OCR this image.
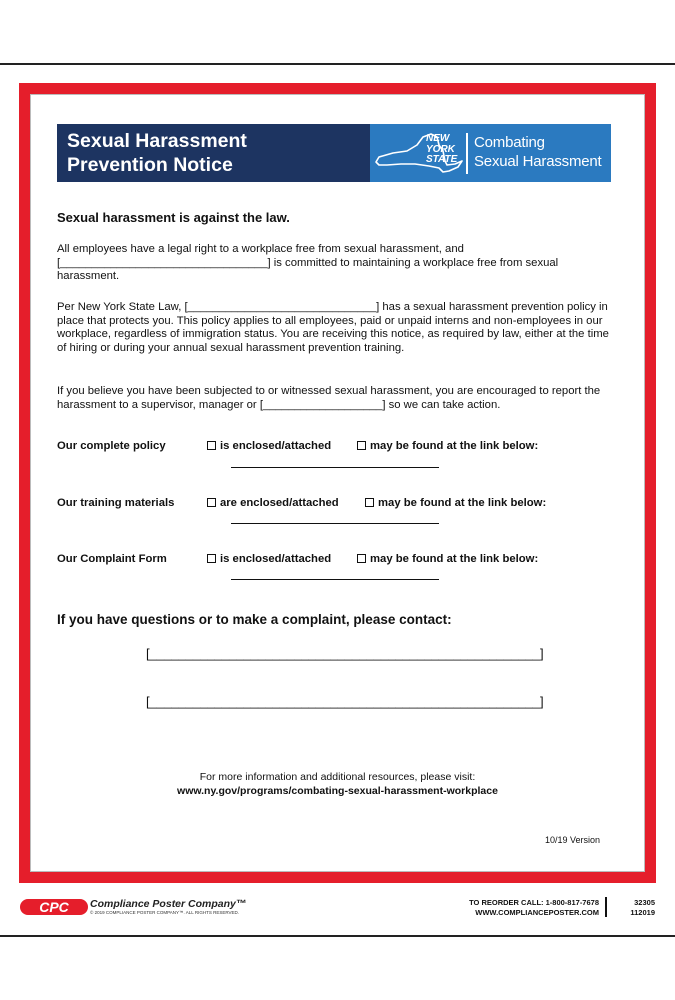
Sexual Harassment
Prevention Notice
NEW
YORK
STATE
Combating
Sexual Harassment
Sexual harassment is against the law.

All employees have a legal right to a workplace free from sexual harassment, and [_________________________________] is committed to maintaining a workplace free from sexual harassment.

Per New York State Law, [______________________________] has a sexual harassment prevention policy in place that protects you. This policy applies to all employees, paid or unpaid interns and non-employees in our workplace, regardless of immigration status. You are receiving this notice, as required by law, either at the time of hiring or during your annual sexual harassment prevention training.

If you believe you have been subjected to or witnessed sexual harassment, you are encouraged to report the harassment to a supervisor, manager or [___________________] so we can take action.

Our complete policy	is enclosed/attached	may be found at the link below:
Our training materials	are enclosed/attached	may be found at the link below:
Our Complaint Form	is enclosed/attached	may be found at the link below:
If you have questions or to make a complaint, please contact:
[______________________________________________________]
[______________________________________________________]
For more information and additional resources, please visit:
www.ny.gov/programs/combating-sexual-harassment-workplace
10/19 Version
CPC Compliance Poster Company™
© 2019 COMPLIANCE POSTER COMPANY™. ALL RIGHTS RESERVED.
TO REORDER CALL: 1-800-817-7678
WWW.COMPLIANCEPOSTER.COM
32305
112019
